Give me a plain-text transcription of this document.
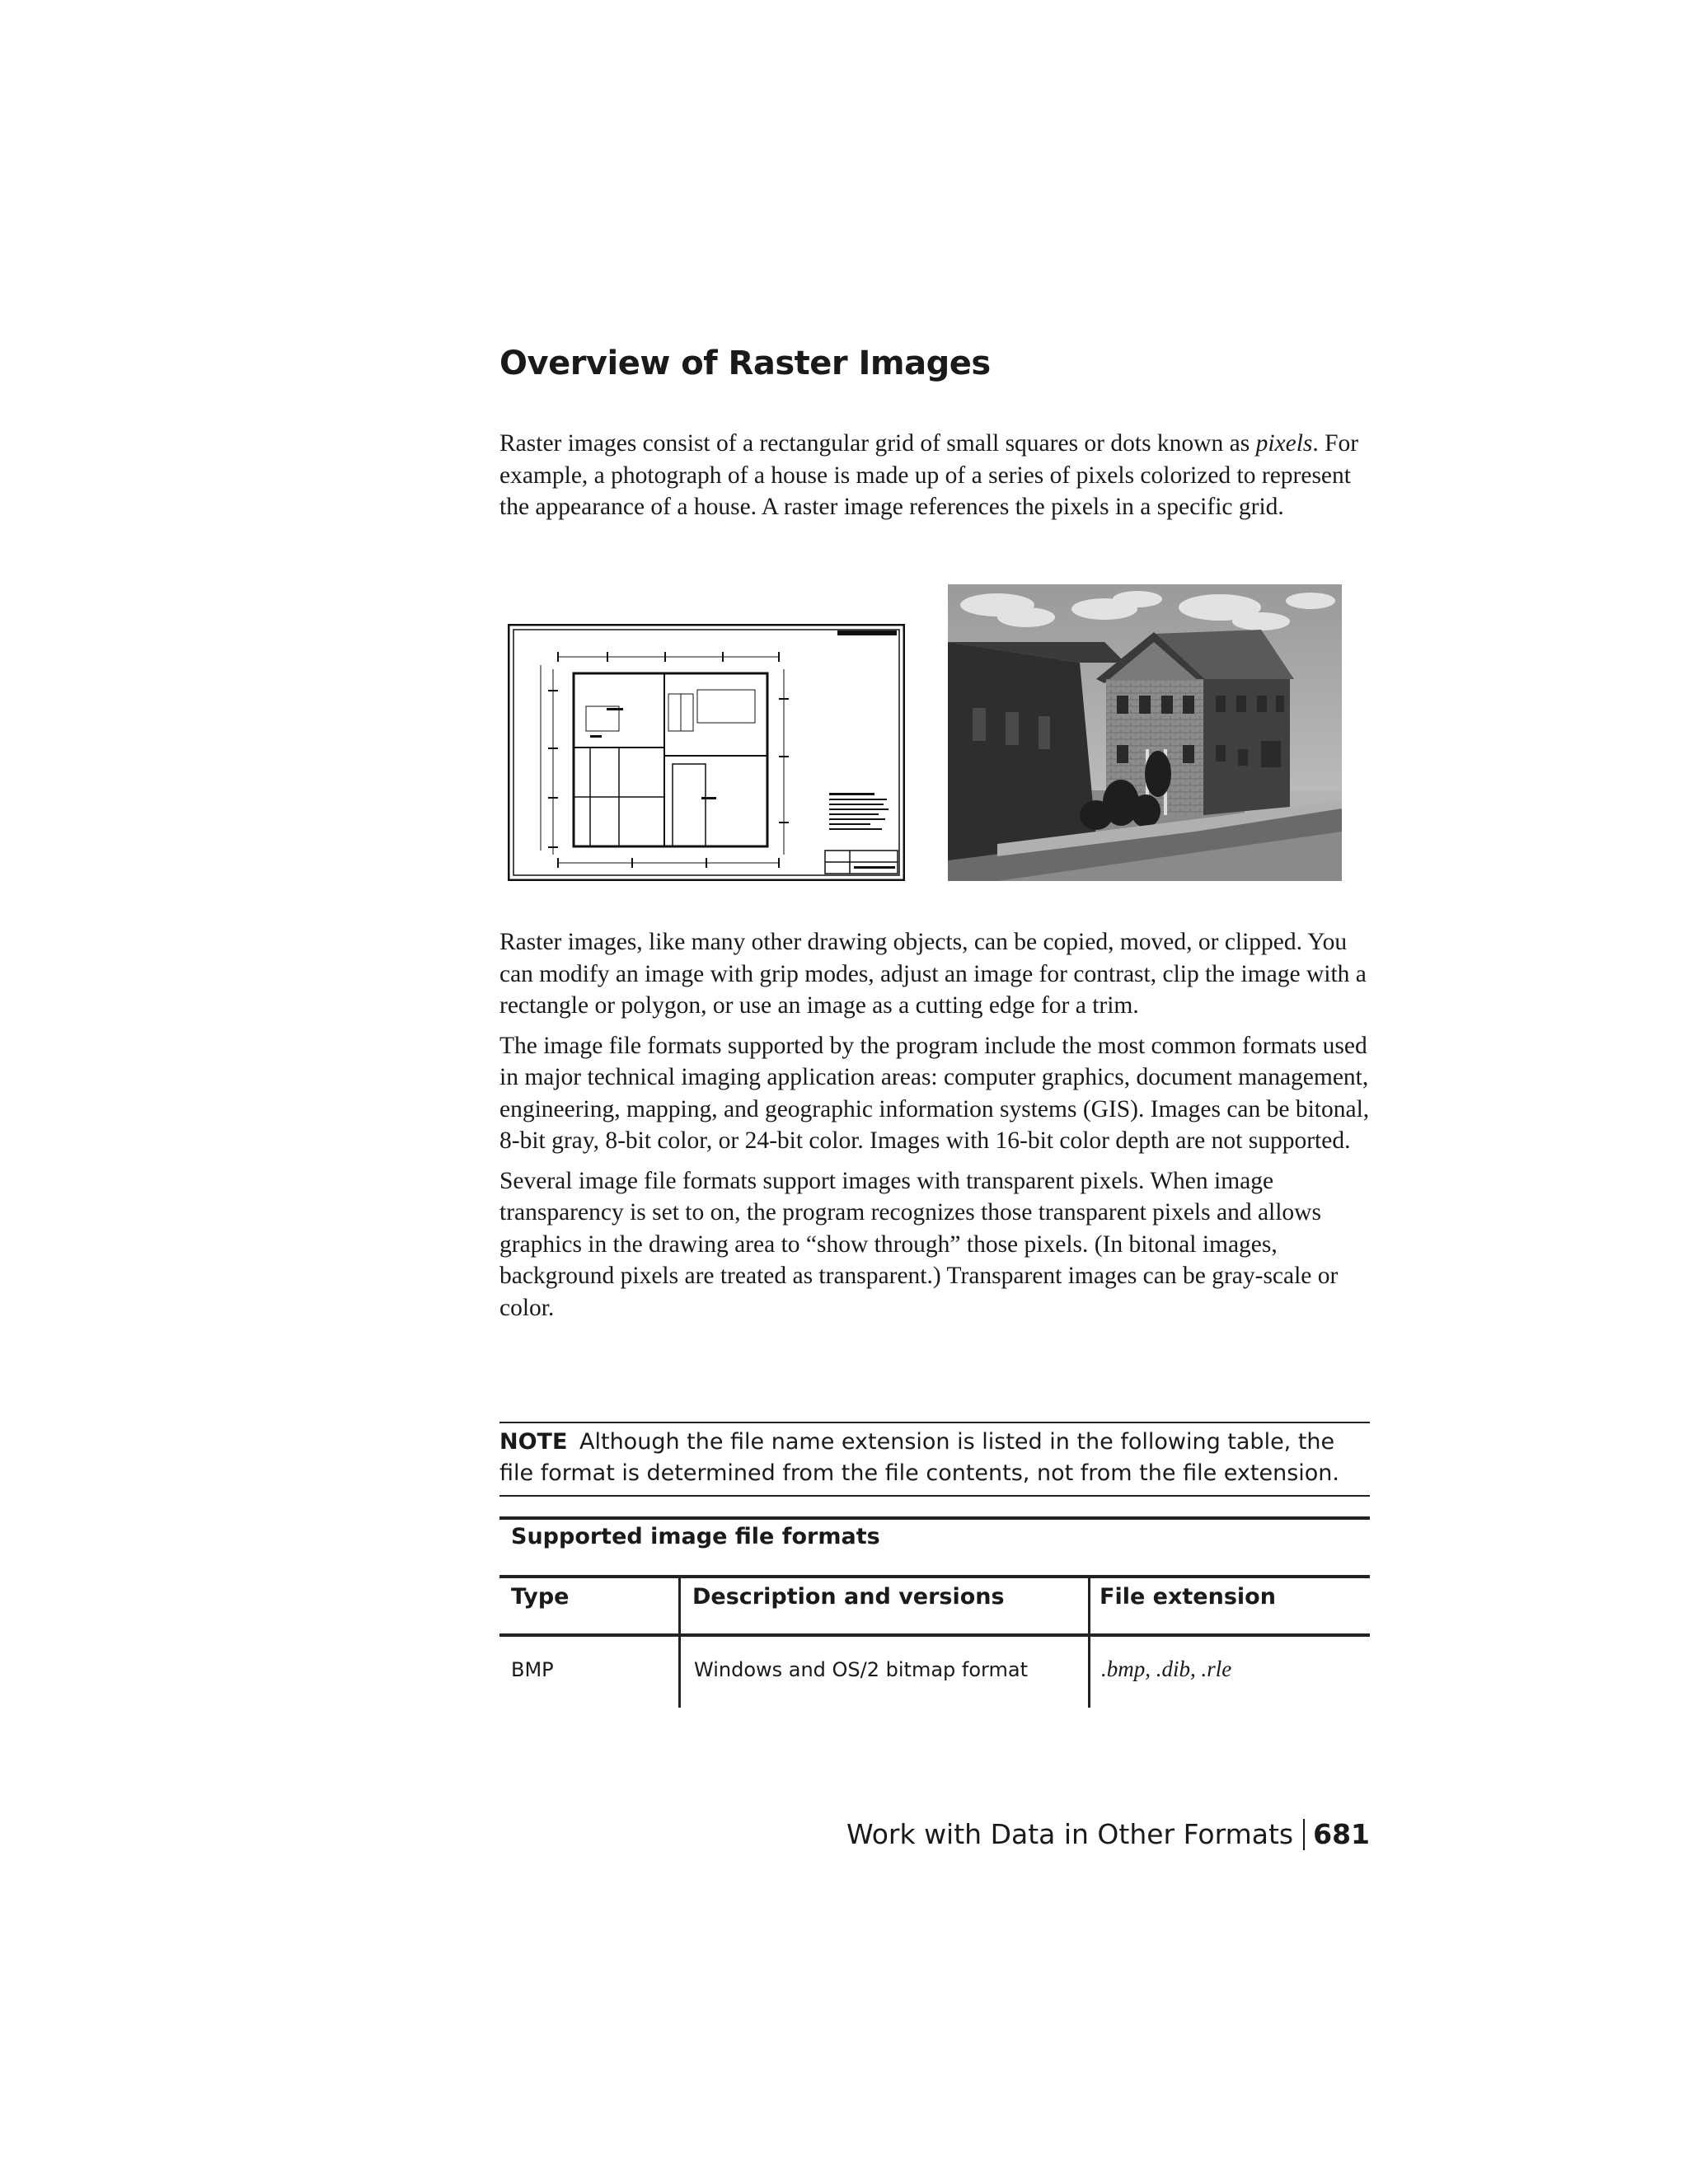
Overview of Raster Images

Raster images consist of a rectangular grid of small squares or dots known as pixels. For example, a photograph of a house is made up of a series of pixels colorized to represent the appearance of a house. A raster image references the pixels in a specific grid.

Raster images, like many other drawing objects, can be copied, moved, or clipped. You can modify an image with grip modes, adjust an image for contrast, clip the image with a rectangle or polygon, or use an image as a cutting edge for a trim.

The image file formats supported by the program include the most common formats used in major technical imaging application areas: computer graphics, document management, engineering, mapping, and geographic information systems (GIS). Images can be bitonal, 8-bit gray, 8-bit color, or 24-bit color. Images with 16-bit color depth are not supported.

Several image file formats support images with transparent pixels. When image transparency is set to on, the program recognizes those transparent pixels and allows graphics in the drawing area to “show through” those pixels. (In bitonal images, background pixels are treated as transparent.) Transparent images can be gray-scale or color.

NOTE Although the file name extension is listed in the following table, the file format is determined from the file contents, not from the file extension.
Supported image file formats
Type	Description and versions	File extension
BMP	Windows and OS/2 bitmap format	.bmp, .dib, .rle
Work with Data in Other Formats 681
